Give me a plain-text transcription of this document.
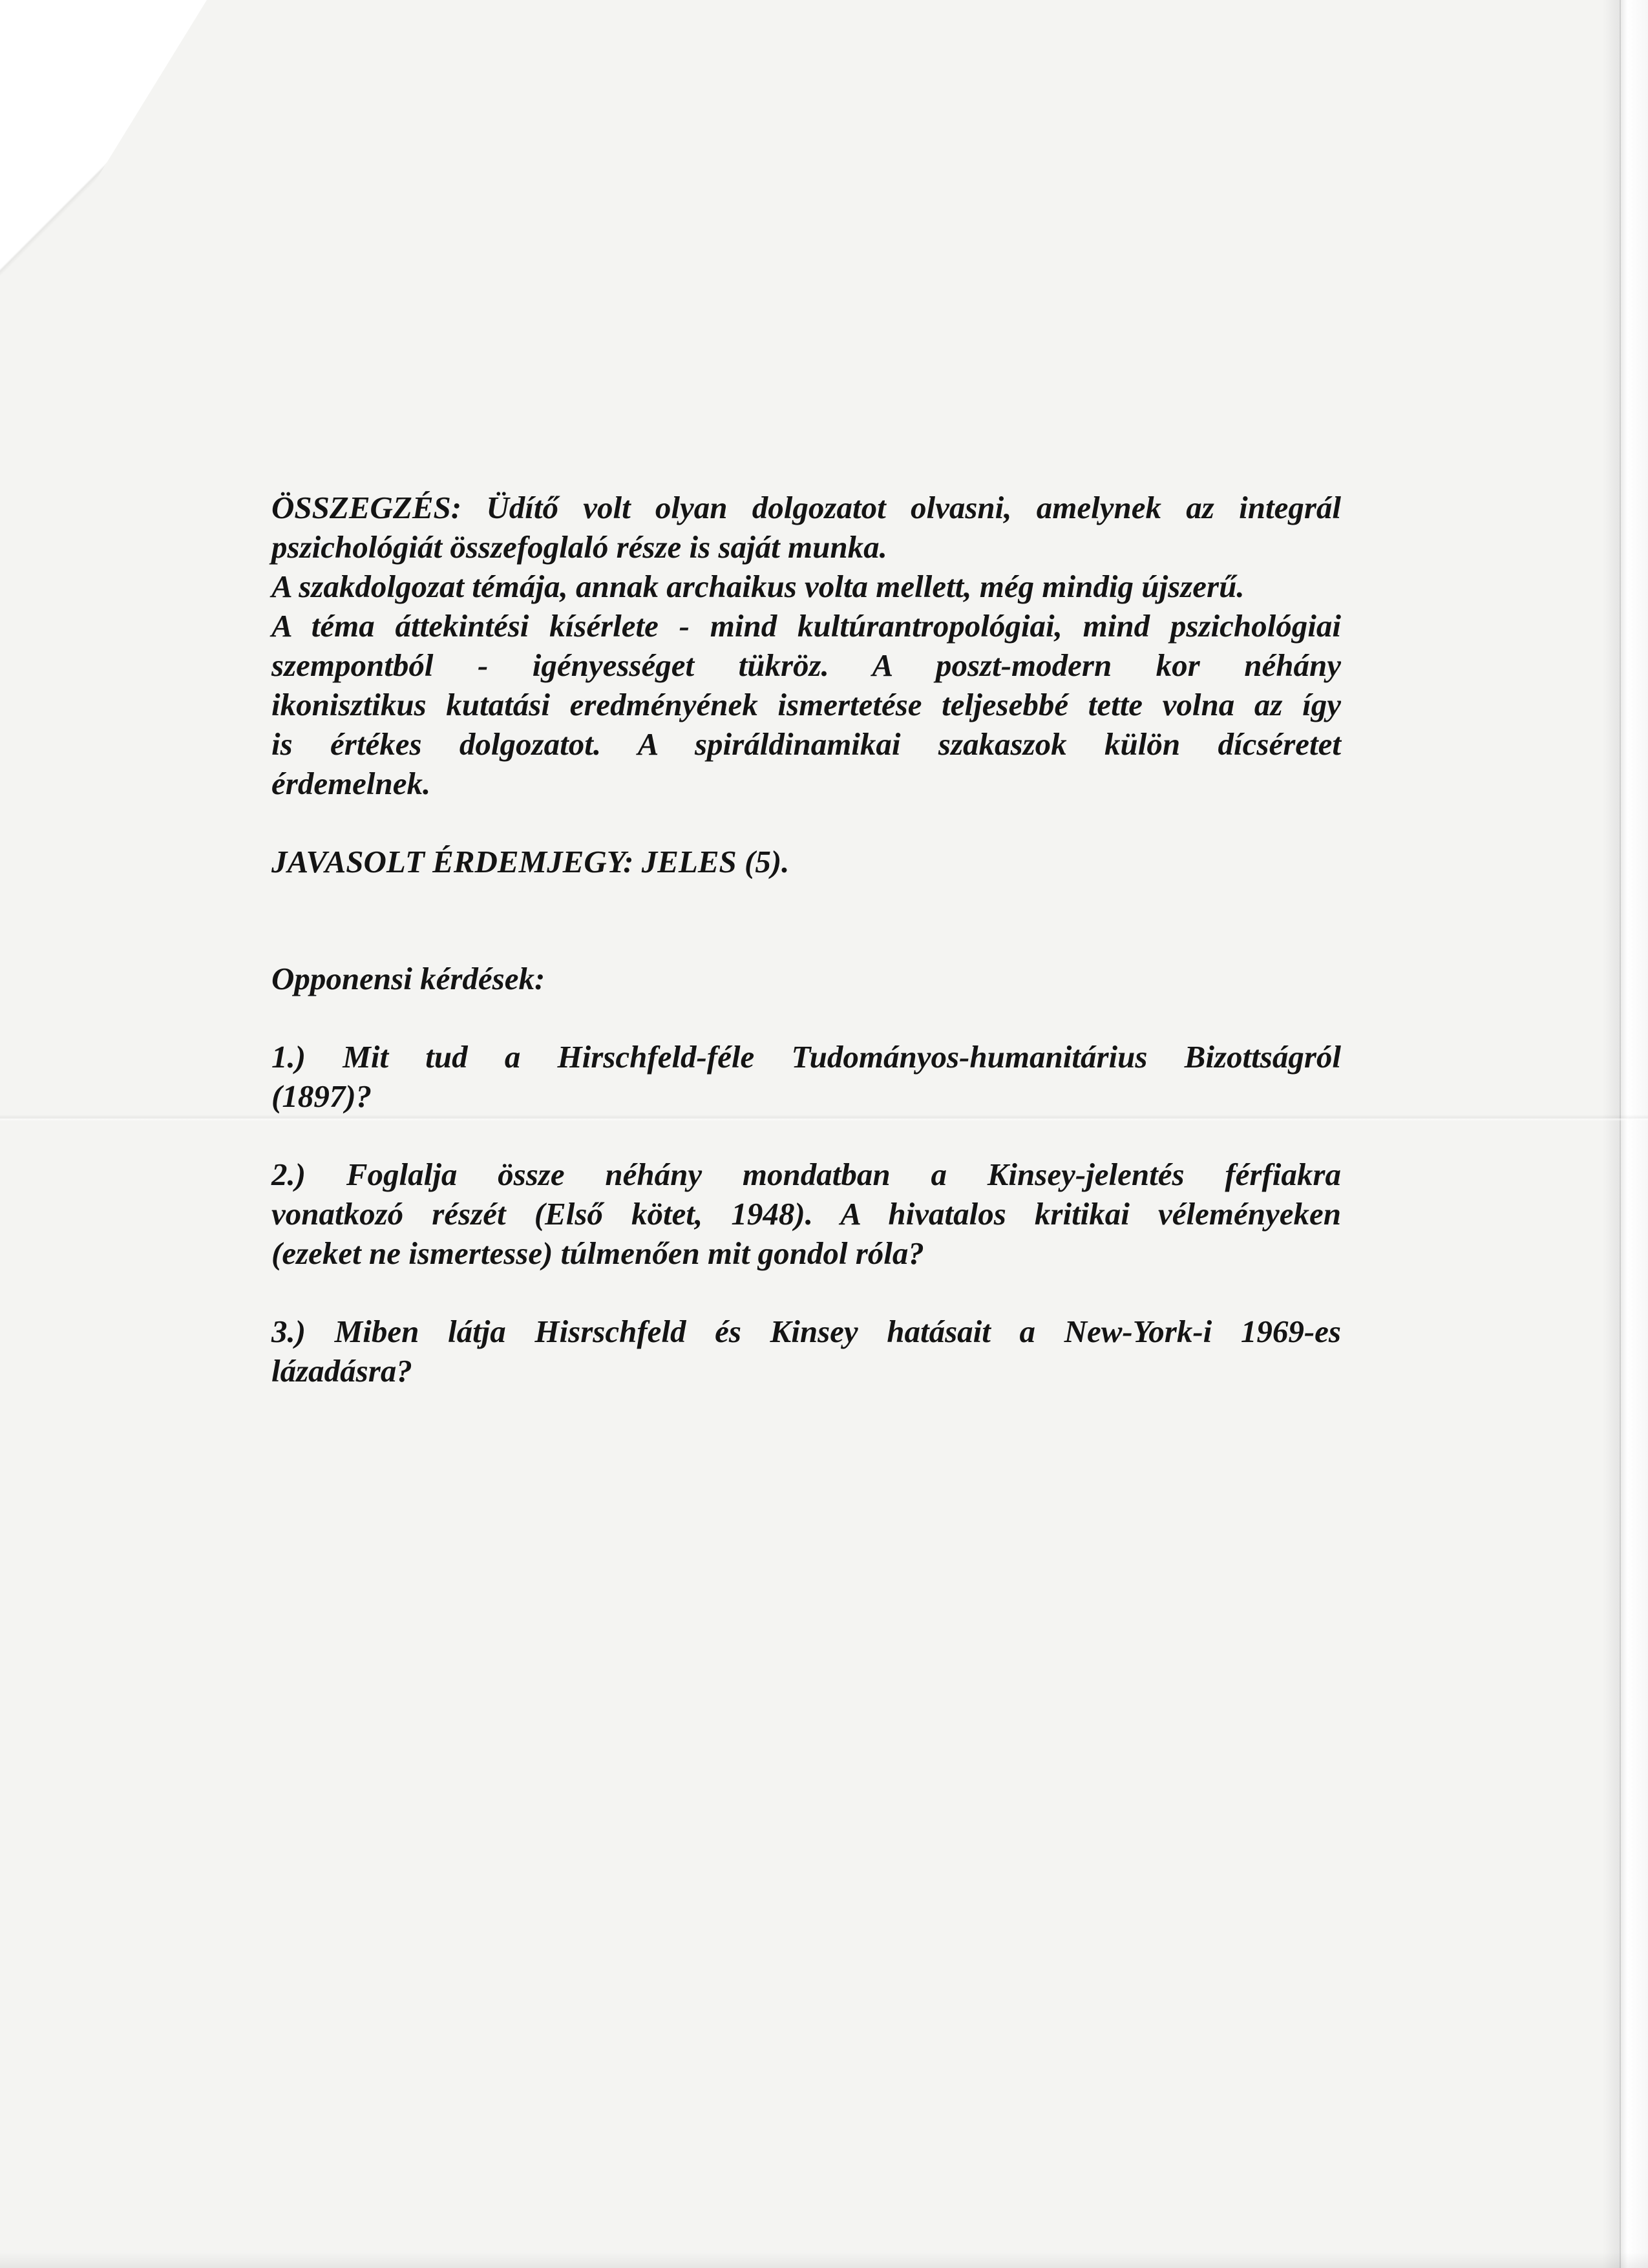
ÖSSZEGZÉS: Üdítő volt olyan dolgozatot olvasni, amelynek az integrál
pszichológiát összefoglaló része is saját munka.
A szakdolgozat témája, annak archaikus volta mellett, még mindig újszerű.
A téma áttekintési kísérlete - mind kultúrantropológiai, mind pszichológiai
szempontból - igényességet tükröz. A poszt-modern kor néhány
ikonisztikus kutatási eredményének ismertetése teljesebbé tette volna az így
is értékes dolgozatot. A spiráldinamikai szakaszok külön dícséretet
érdemelnek.
JAVASOLT ÉRDEMJEGY: JELES (5).
Opponensi kérdések:
1.) Mit tud a Hirschfeld-féle Tudományos-humanitárius Bizottságról
(1897)?
2.) Foglalja össze néhány mondatban a Kinsey-jelentés férfiakra
vonatkozó részét (Első kötet, 1948). A hivatalos kritikai véleményeken
(ezeket ne ismertesse) túlmenően mit gondol róla?
3.) Miben látja Hisrschfeld és Kinsey hatásait a New-York-i 1969-es
lázadásra?
